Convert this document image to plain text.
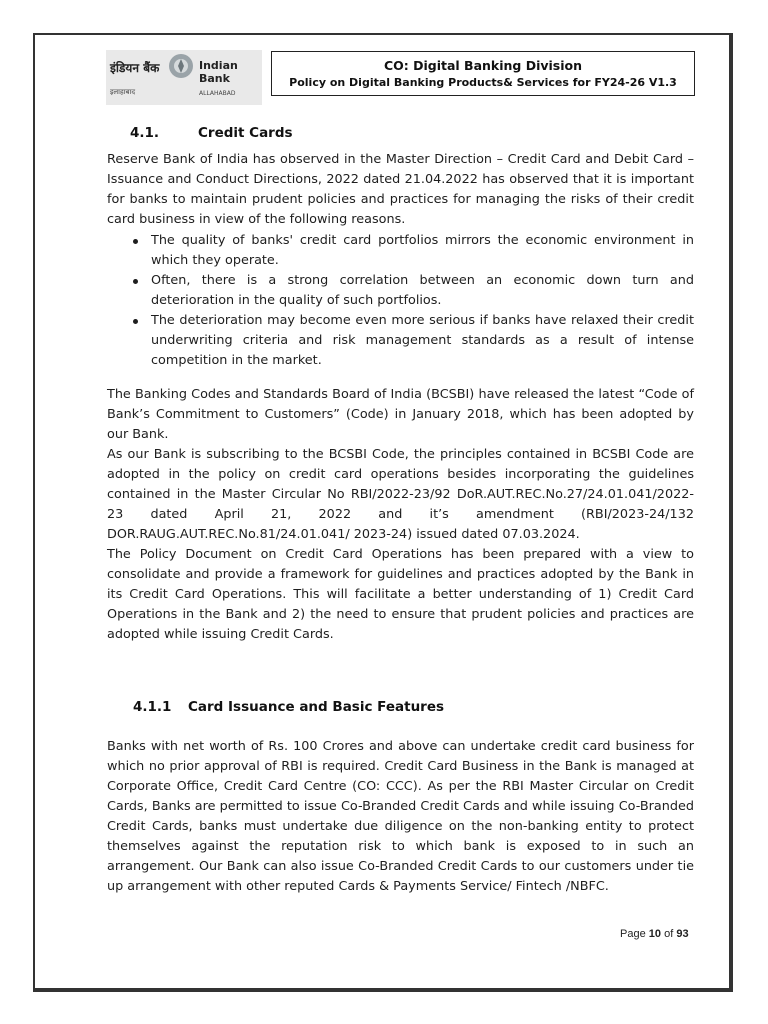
इंडियन बैंक	Indian Bank
इलाहाबाद	ALLAHABAD
CO: Digital Banking Division
Policy on Digital Banking Products& Services for FY24-26 V1.3
4.1.	Credit Cards

Reserve Bank of India has observed in the Master Direction – Credit Card and Debit Card – Issuance and Conduct Directions, 2022 dated 21.04.2022 has observed that it is important for banks to maintain prudent policies and practices for managing the risks of their credit card business in view of the following reasons.

The quality of banks' credit card portfolios mirrors the economic environment in which they operate.
Often, there is a strong correlation between an economic down turn and deterioration in the quality of such portfolios.
The deterioration may become even more serious if banks have relaxed their credit underwriting criteria and risk management standards as a result of intense competition in the market.

The Banking Codes and Standards Board of India (BCSBI) have released the latest “Code of Bank’s Commitment to Customers” (Code) in January 2018, which has been adopted by our Bank.

As our Bank is subscribing to the BCSBI Code, the principles contained in BCSBI Code are adopted in the policy on credit card operations besides incorporating the guidelines contained in the Master Circular No RBI/2022-23/92 DoR.AUT.REC.No.27/24.01.041/2022-23 dated April 21, 2022 and it’s amendment (RBI/2023-24/132 DOR.RAUG.AUT.REC.No.81/24.01.041/ 2023-24) issued dated 07.03.2024.

The Policy Document on Credit Card Operations has been prepared with a view to consolidate and provide a framework for guidelines and practices adopted by the Bank in its Credit Card Operations. This will facilitate a better understanding of 1) Credit Card Operations in the Bank and 2) the need to ensure that prudent policies and practices are adopted while issuing Credit Cards.

4.1.1 Card Issuance and Basic Features

Banks with net worth of Rs. 100 Crores and above can undertake credit card business for which no prior approval of RBI is required. Credit Card Business in the Bank is managed at Corporate Office, Credit Card Centre (CO: CCC). As per the RBI Master Circular on Credit Cards, Banks are permitted to issue Co-Branded Credit Cards and while issuing Co-Branded Credit Cards, banks must undertake due diligence on the non-banking entity to protect themselves against the reputation risk to which bank is exposed to in such an arrangement. Our Bank can also issue Co-Branded Credit Cards to our customers under tie up arrangement with other reputed Cards & Payments Service/ Fintech /NBFC.

Page 10 of 93
